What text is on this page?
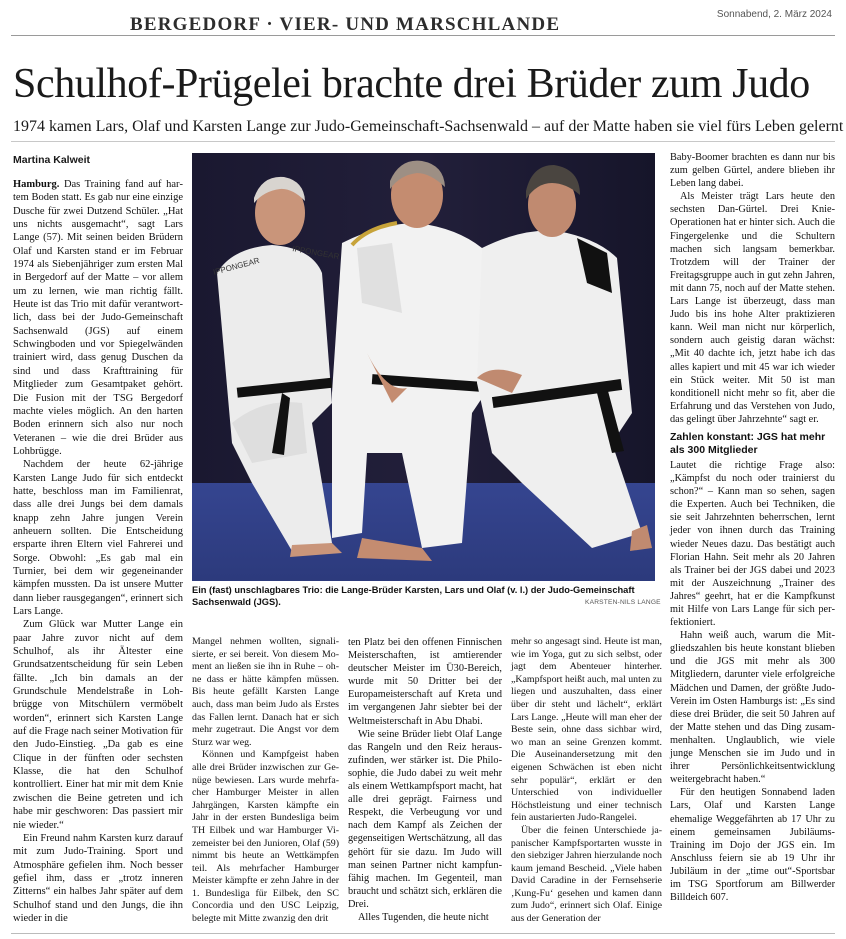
BERGEDORF · VIER- UND MARSCHLANDE	Sonnabend, 2. März 2024
Schulhof-Prügelei brachte drei Brüder zum Judo
1974 kamen Lars, Olaf und Karsten Lange zur Judo-Gemeinschaft-Sachsenwald – auf der Matte haben sie viel fürs Leben gelernt
Martina Kalweit

Hamburg. Das Training fand auf hartem Boden statt. Es gab nur eine einzige Dusche für zwei Dutzend Schüler. „Hat uns nichts ausgemacht“, sagt Lars Lange (57). Mit seinen beiden Brüdern Olaf und Karsten stand er im Februar 1974 als Siebenjähriger zum ersten Mal in Bergedorf auf der Matte – vor allem um zu lernen, wie man richtig fällt. Heute ist das Trio mit dafür verantwortlich, dass bei der Judo-Gemeinschaft Sachsenwald (JGS) auf einem Schwingboden und vor Spiegelwänden trainiert wird, dass genug Duschen da sind und dass Krafttraining für Mitglieder zum Gesamtpaket gehört. Die Fusion mit der TSG Bergedorf machte vieles möglich. An den harten Boden erinnern sich also nur noch Veteranen – wie die drei Brüder aus Lohbrügge.

Nachdem der heute 62-jährige Karsten Lange Judo für sich entdeckt hatte, beschloss man im Familienrat, dass alle drei Jungs bei dem damals knapp zehn Jahre jungen Verein anheuern sollten. Die Entscheidung ersparte ihren Eltern viel Fahrerei und Sorge. Obwohl: „Es gab mal ein Turnier, bei dem wir gegeneinander kämpfen mussten. Da ist unsere Mutter dann lieber rausgegangen“, erinnert sich Lars Lange.

Zum Glück war Mutter Lange ein paar Jahre zuvor nicht auf dem Schulhof, als ihr Ältester eine Grundsatzentscheidung für sein Leben fällte. „Ich bin damals an der Grundschule Mendelstraße in Lohbrügge von Mitschülern vermöbelt worden“, erinnert sich Karsten Lange auf die Frage nach seiner Motivation für den Judo-Einstieg. „Da gab es eine Clique in der fünften oder sechsten Klasse, die hat den Schulhof kontrolliert. Einer hat mir mit dem Knie zwischen die Beine getreten und ich habe mir geschworen: Das passiert mir nie wieder.“

Ein Freund nahm Karsten kurz darauf mit zum Judo-Training. Sport und Atmosphäre gefielen ihm. Noch besser gefiel ihm, dass er „trotz inneren Zitterns“ ein halbes Jahr später auf dem Schulhof stand und den Jungs, die ihn wieder in die

IPPONGEAR
IPPONGEAR
Ein (fast) unschlagbares Trio: die Lange-Brüder Karsten, Lars und Olaf (v. l.) der Judo-Gemeinschaft Sachsenwald (JGS).	KARSTEN-NILS LANGE

Mangel nehmen wollten, signalisierte, er sei bereit. Von diesem Moment an ließen sie ihn in Ruhe – ohne dass er hätte kämpfen müssen. Bis heute gefällt Karsten Lange auch, dass man beim Judo als Erstes das Fallen lernt. Danach hat er sich mehr zugetraut. Die Angst vor dem Sturz war weg.

Können und Kampfgeist haben alle drei Brüder inzwischen zur Genüge bewiesen. Lars wurde mehrfacher Hamburger Meister in allen Jahrgängen, Karsten kämpfte ein Jahr in der ersten Bundesliga beim TH Eilbek und war Hamburger Vizemeister bei den Junioren, Olaf (59) nimmt bis heute an Wettkämpfen teil. Als mehrfacher Hamburger Meister kämpfte er zehn Jahre in der 1. Bundesliga für Eilbek, den SC Concordia und den USC Leipzig, belegte mit Mitte zwanzig den drit

ten Platz bei den offenen Finnischen Meisterschaften, ist amtierender deutscher Meister im Ü30-Bereich, wurde mit 50 Dritter bei der Europameisterschaft auf Kreta und im vergangenen Jahr siebter bei der Weltmeisterschaft in Abu Dhabi.

Wie seine Brüder liebt Olaf Lange das Rangeln und den Reiz herauszufinden, wer stärker ist. Die Philosophie, die Judo dabei zu weit mehr als einem Wettkampfsport macht, hat alle drei geprägt. Fairness und Respekt, die Verbeugung vor und nach dem Kampf als Zeichen der gegenseitigen Wertschätzung, all das gehört für sie dazu. Im Judo will man seinen Partner nicht kampfunfähig machen. Im Gegenteil, man braucht und schätzt sich, erklären die Drei.

Alles Tugenden, die heute nicht

mehr so angesagt sind. Heute ist man, wie im Yoga, gut zu sich selbst, oder jagt dem Abenteuer hinterher. „Kampfsport heißt auch, mal unten zu liegen und auszuhalten, dass einer über dir steht und lächelt“, erklärt Lars Lange. „Heute will man eher der Beste sein, ohne dass sichbar wird, wo man an seine Grenzen kommt. Die Auseinandersetzung mit den eigenen Schwächen ist eben nicht sehr populär“, erklärt er den Unterschied von individueller Höchstleistung und einer technisch fein austarierten Judo-Rangelei.

Über die feinen Unterschiede japanischer Kampfsportarten wusste in den siebziger Jahren hierzulande noch kaum jemand Bescheid. „Viele haben David Caradine in der Fernsehserie ‚Kung-Fu‘ gesehen und kamen dann zum Judo“, erinnert sich Olaf. Einige aus der Generation der

Baby-Boomer brachten es dann nur bis zum gelben Gürtel, andere blieben ihr Leben lang dabei.

Als Meister trägt Lars heute den sechsten Dan-Gürtel. Drei Knie-Operationen hat er hinter sich. Auch die Fingergelenke und die Schultern machen sich langsam bemerkbar. Trotzdem will der Trainer der Freitagsgruppe auch in gut zehn Jahren, mit dann 75, noch auf der Matte stehen. Lars Lange ist überzeugt, dass man Judo bis ins hohe Alter praktizieren kann. Weil man nicht nur körperlich, sondern auch geistig daran wächst: „Mit 40 dachte ich, jetzt habe ich das alles kapiert und mit 45 war ich wieder ein Stück weiter. Mit 50 ist man konditionell nicht mehr so fit, aber die Erfahrung und das Verstehen von Judo, das gelingt über Jahrzehnte“ sagt er.

Zahlen konstant: JGS hat mehr als 300 Mitglieder

Lautet die richtige Frage also: „Kämpfst du noch oder trainierst du schon?“ – Kann man so sehen, sagen die Experten. Auch bei Techniken, die sie seit Jahrzehnten beherrschen, lernt jeder von ihnen durch das Training wieder Neues dazu. Das bestätigt auch Florian Hahn. Seit mehr als 20 Jahren als Trainer bei der JGS dabei und 2023 mit der Auszeichnung „Trainer des Jahres“ geehrt, hat er die Kampfkunst mit Hilfe von Lars Lange für sich perfektioniert.

Hahn weiß auch, warum die Mitgliedszahlen bis heute konstant blieben und die JGS mit mehr als 300 Mitgliedern, darunter viele erfolgreiche Mädchen und Damen, der größte Judo-Verein im Osten Hamburgs ist: „Es sind diese drei Brüder, die seit 50 Jahren auf der Matte stehen und das Ding zusammenhalten. Unglaublich, wie viele junge Menschen sie im Judo und in ihrer Persönlichkeitsentwicklung weitergebracht haben.“

Für den heutigen Sonnabend laden Lars, Olaf und Karsten Lange ehemalige Weggefährten ab 17 Uhr zu einem gemeinsamen Jubiläums-Training im Dojo der JGS ein. Im Anschluss feiern sie ab 19 Uhr ihr Jubiläum in der „time out“-Sportsbar im TSG Sportforum am Billwerder Billdeich 607.
